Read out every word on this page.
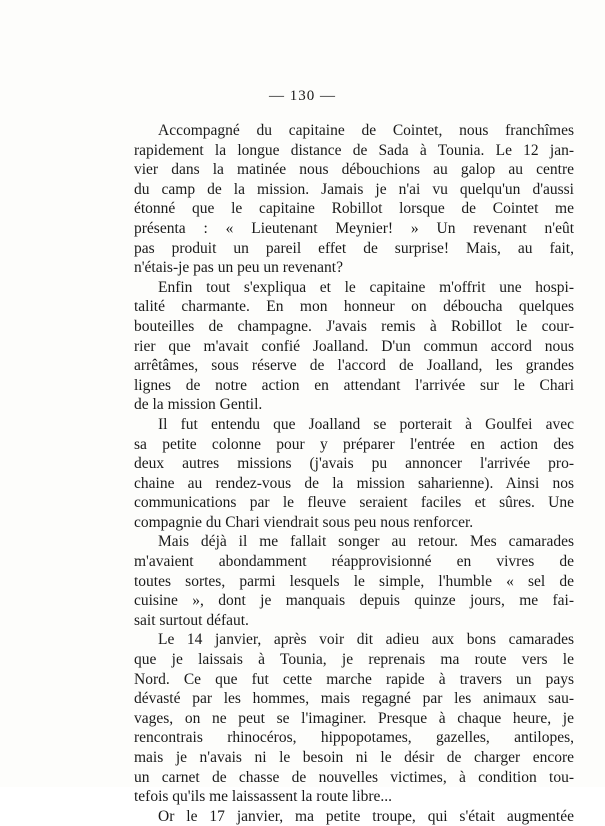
— 130 —

Accompagné du capitaine de Cointet, nous franchîmes
rapidement la longue distance de Sada à Tounia. Le 12 jan-
vier dans la matinée nous débouchions au galop au centre
du camp de la mission. Jamais je n'ai vu quelqu'un d'aussi
étonné que le capitaine Robillot lorsque de Cointet me
présenta : « Lieutenant Meynier! » Un revenant n'eût
pas produit un pareil effet de surprise! Mais, au fait,
n'étais-je pas un peu un revenant?

Enfin tout s'expliqua et le capitaine m'offrit une hospi-
talité charmante. En mon honneur on déboucha quelques
bouteilles de champagne. J'avais remis à Robillot le cour-
rier que m'avait confié Joalland. D'un commun accord nous
arrêtâmes, sous réserve de l'accord de Joalland, les grandes
lignes de notre action en attendant l'arrivée sur le Chari
de la mission Gentil.

Il fut entendu que Joalland se porterait à Goulfei avec
sa petite colonne pour y préparer l'entrée en action des
deux autres missions (j'avais pu annoncer l'arrivée pro-
chaine au rendez-vous de la mission saharienne). Ainsi nos
communications par le fleuve seraient faciles et sûres. Une
compagnie du Chari viendrait sous peu nous renforcer.

Mais déjà il me fallait songer au retour. Mes camarades
m'avaient abondamment réapprovisionné en vivres de
toutes sortes, parmi lesquels le simple, l'humble « sel de
cuisine », dont je manquais depuis quinze jours, me fai-
sait surtout défaut.

Le 14 janvier, après voir dit adieu aux bons camarades
que je laissais à Tounia, je reprenais ma route vers le
Nord. Ce que fut cette marche rapide à travers un pays
dévasté par les hommes, mais regagné par les animaux sau-
vages, on ne peut se l'imaginer. Presque à chaque heure, je
rencontrais rhinocéros, hippopotames, gazelles, antilopes,
mais je n'avais ni le besoin ni le désir de charger encore
un carnet de chasse de nouvelles victimes, à condition tou-
tefois qu'ils me laissassent la route libre...

Or le 17 janvier, ma petite troupe, qui s'était augmentée
